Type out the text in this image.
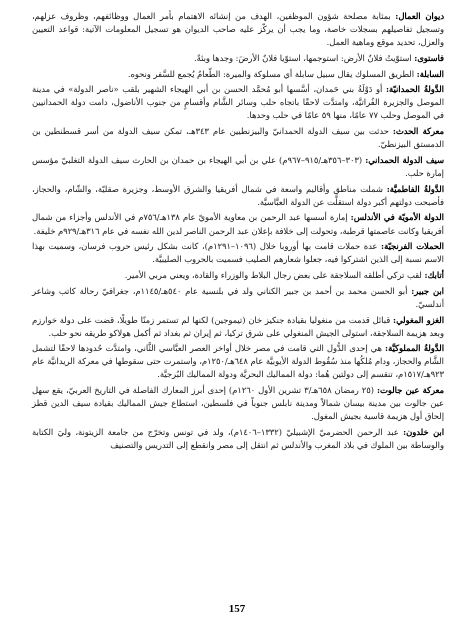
ديوان العمال: بمثابة مصلحة شؤون الموظفين، الهدف من إنشائه الاهتمام بأمر العمال ووظائفهم، وظروف عزلهم، وتسجيل تفاصيلهم بسجلات خاصة، وما يجب أن يركّز عليه صاحب الديوان هو تسجيل المعلومات الآتية: قواعد التعيين والعزل، تحديد موقع وماهية العمل.

فاستوى: استوّيتُ فلانٌ الأرض: استوجمها، استوّيا فلانٌ الأرضَ: وجدها وبئةً.

السابلة: الطريق المسلوك يقال سبيل سابلة أي مسلوكة والميرة: الطّعامُ يُجمع للسَّفر ونحوه.

الدَّولةُ الحمدانيّة: أو دَوْلَةُ بني حَمدان، أسَّسها أبو مُحمَّد الحسن بن أبي الهيجاء الشهير بلقب «ناصر الدولة» في مدينة الموصل والجزيرة الفُراتيَّة، وامتدَّت لاحقًا باتجاه حلب وسائر الشَّام وأقسامٍ من جنوب الأناضول، دامت دولة الحمدانيين في الموصل وحلب ٧٧ عامًا، منها ٥٩ عامًا في حلب وحدها.

معركة الحدث: حدثت بين سيف الدولة الحمدانيّ والبيزنطيين عام ٣٤٣هـ، تمكن سيف الدولة من أسر قسطنطين بن الدمستق البيزنطيّ.

سيف الدولة الحمداني: (٣٠٣–٣٥٦هـ/٩١٥–٩٦٧م) علي بن أبي الهيجاء بن حمدان بن الحارث سيف الدولة التغلبيّ مؤسس إمارة حلب.

الدَّولةُ الفاطميَّة: شملت مناطق وأقاليم واسعة في شمال أفريقيا والشرق الأوسط، وجزيرة صقليّة، والشّام، والحجاز، فأصبحت دولتهم أكبر دولة استقلَّت عن الدولة العبَّاسيَّة.

الدولة الأمويّة في الأندلس: إمارة أسسها عبد الرحمن بن معاوية الأمويّ عام ١٣٨هـ/٧٥٦م في الأندلس وأجزاء من شمال أفريقيا وكانت عاصمتها قرطبة، وتحولت إلى خلافة بإعلان عبد الرحمن الناصر لدين الله نفسه في عام ٣١٦هـ/٩٢٩م خليفة.

الحملات الفرنجيّة: عدة حملات قامت بها أوروبا خلال (١٠٩٦–١٢٩١م)، كانت بشكل رئيس حروب فرسان، وسميت بهذا الاسم نسبة إلى الذين اشتركوا فيه، جعلوا شعارهم الصليب فسميت بالحروب الصليبيَّة.

أتابك: لقب تركي أطلقه السلاجقة على بعض رجال البلاط والوزراء والقادة، ويعني مربي الأمير.

ابن جبير: أبو الحسن محمد بن أحمد بن جبير الكناني ولد في بلنسية عام ٥٤٠هـ/١١٤٥م، جغرافيّ رحالة كاتب وشاعر أندلسيّ.

الغزو المغولي: قبائل قدمت من منغوليا بقيادة جنكيز خان (تيموجين) لكنها لم تستمر زمنًا طويلًا، قضت على دولة خوارزم وبعد هزيمة السلاجقة، استولى الجيش المنغولي على شرق تركيا، ثم إيران ثم بغداد ثم أكمل هولاكو طريقه نحو حلب.

الدَّولةُ المملوكيَّة: هي إحدى الدُّول التي قامت في مصر خلال أواخر العصر العبَّاسي الثَّاني، وامتدَّت حُدودها لاحقًا لتشمل الشَّام والحجاز، ودام مُلكُها منذ سُقُوط الدولة الأيوبيَّة عام ٦٤٨هـ/١٢٥٠م، واستمرت حتى سقوطها في معركة الريدانيَّة عام ٩٢٣هـ/١٥١٧م، تنقسم إلى دولتين هُما: دولة المماليك البحريَّة ودولة المماليك البُرجيَّة.

معركة عين جالوت: (٢٥ رمضان ٦٥٨هـ/٣ تشرين الأول ١٢٦٠م) إحدى أبرز المعارك الفاصلة في التاريخ العربيّ، يقع سهل عين جالوت بين مدينة بيسان شمالاً ومدينة نابلس جنوباً في فلسطين، استطاع جيش المماليك بقيادة سيف الدين قطز إلحاق أول هزيمة قاسية بجيش المغول.

ابن خلدون: عبد الرحمن الحضرميّ الإشبيليّ (١٣٣٢–١٤٠٦م)، ولد في تونس وتخرّج من جامعة الزيتونة، وليَ الكتابة والوساطة بين الملوك في بلاد المغرب والأندلس ثم انتقل إلى مصر وانقطع إلى التدريس والتصنيف

157
